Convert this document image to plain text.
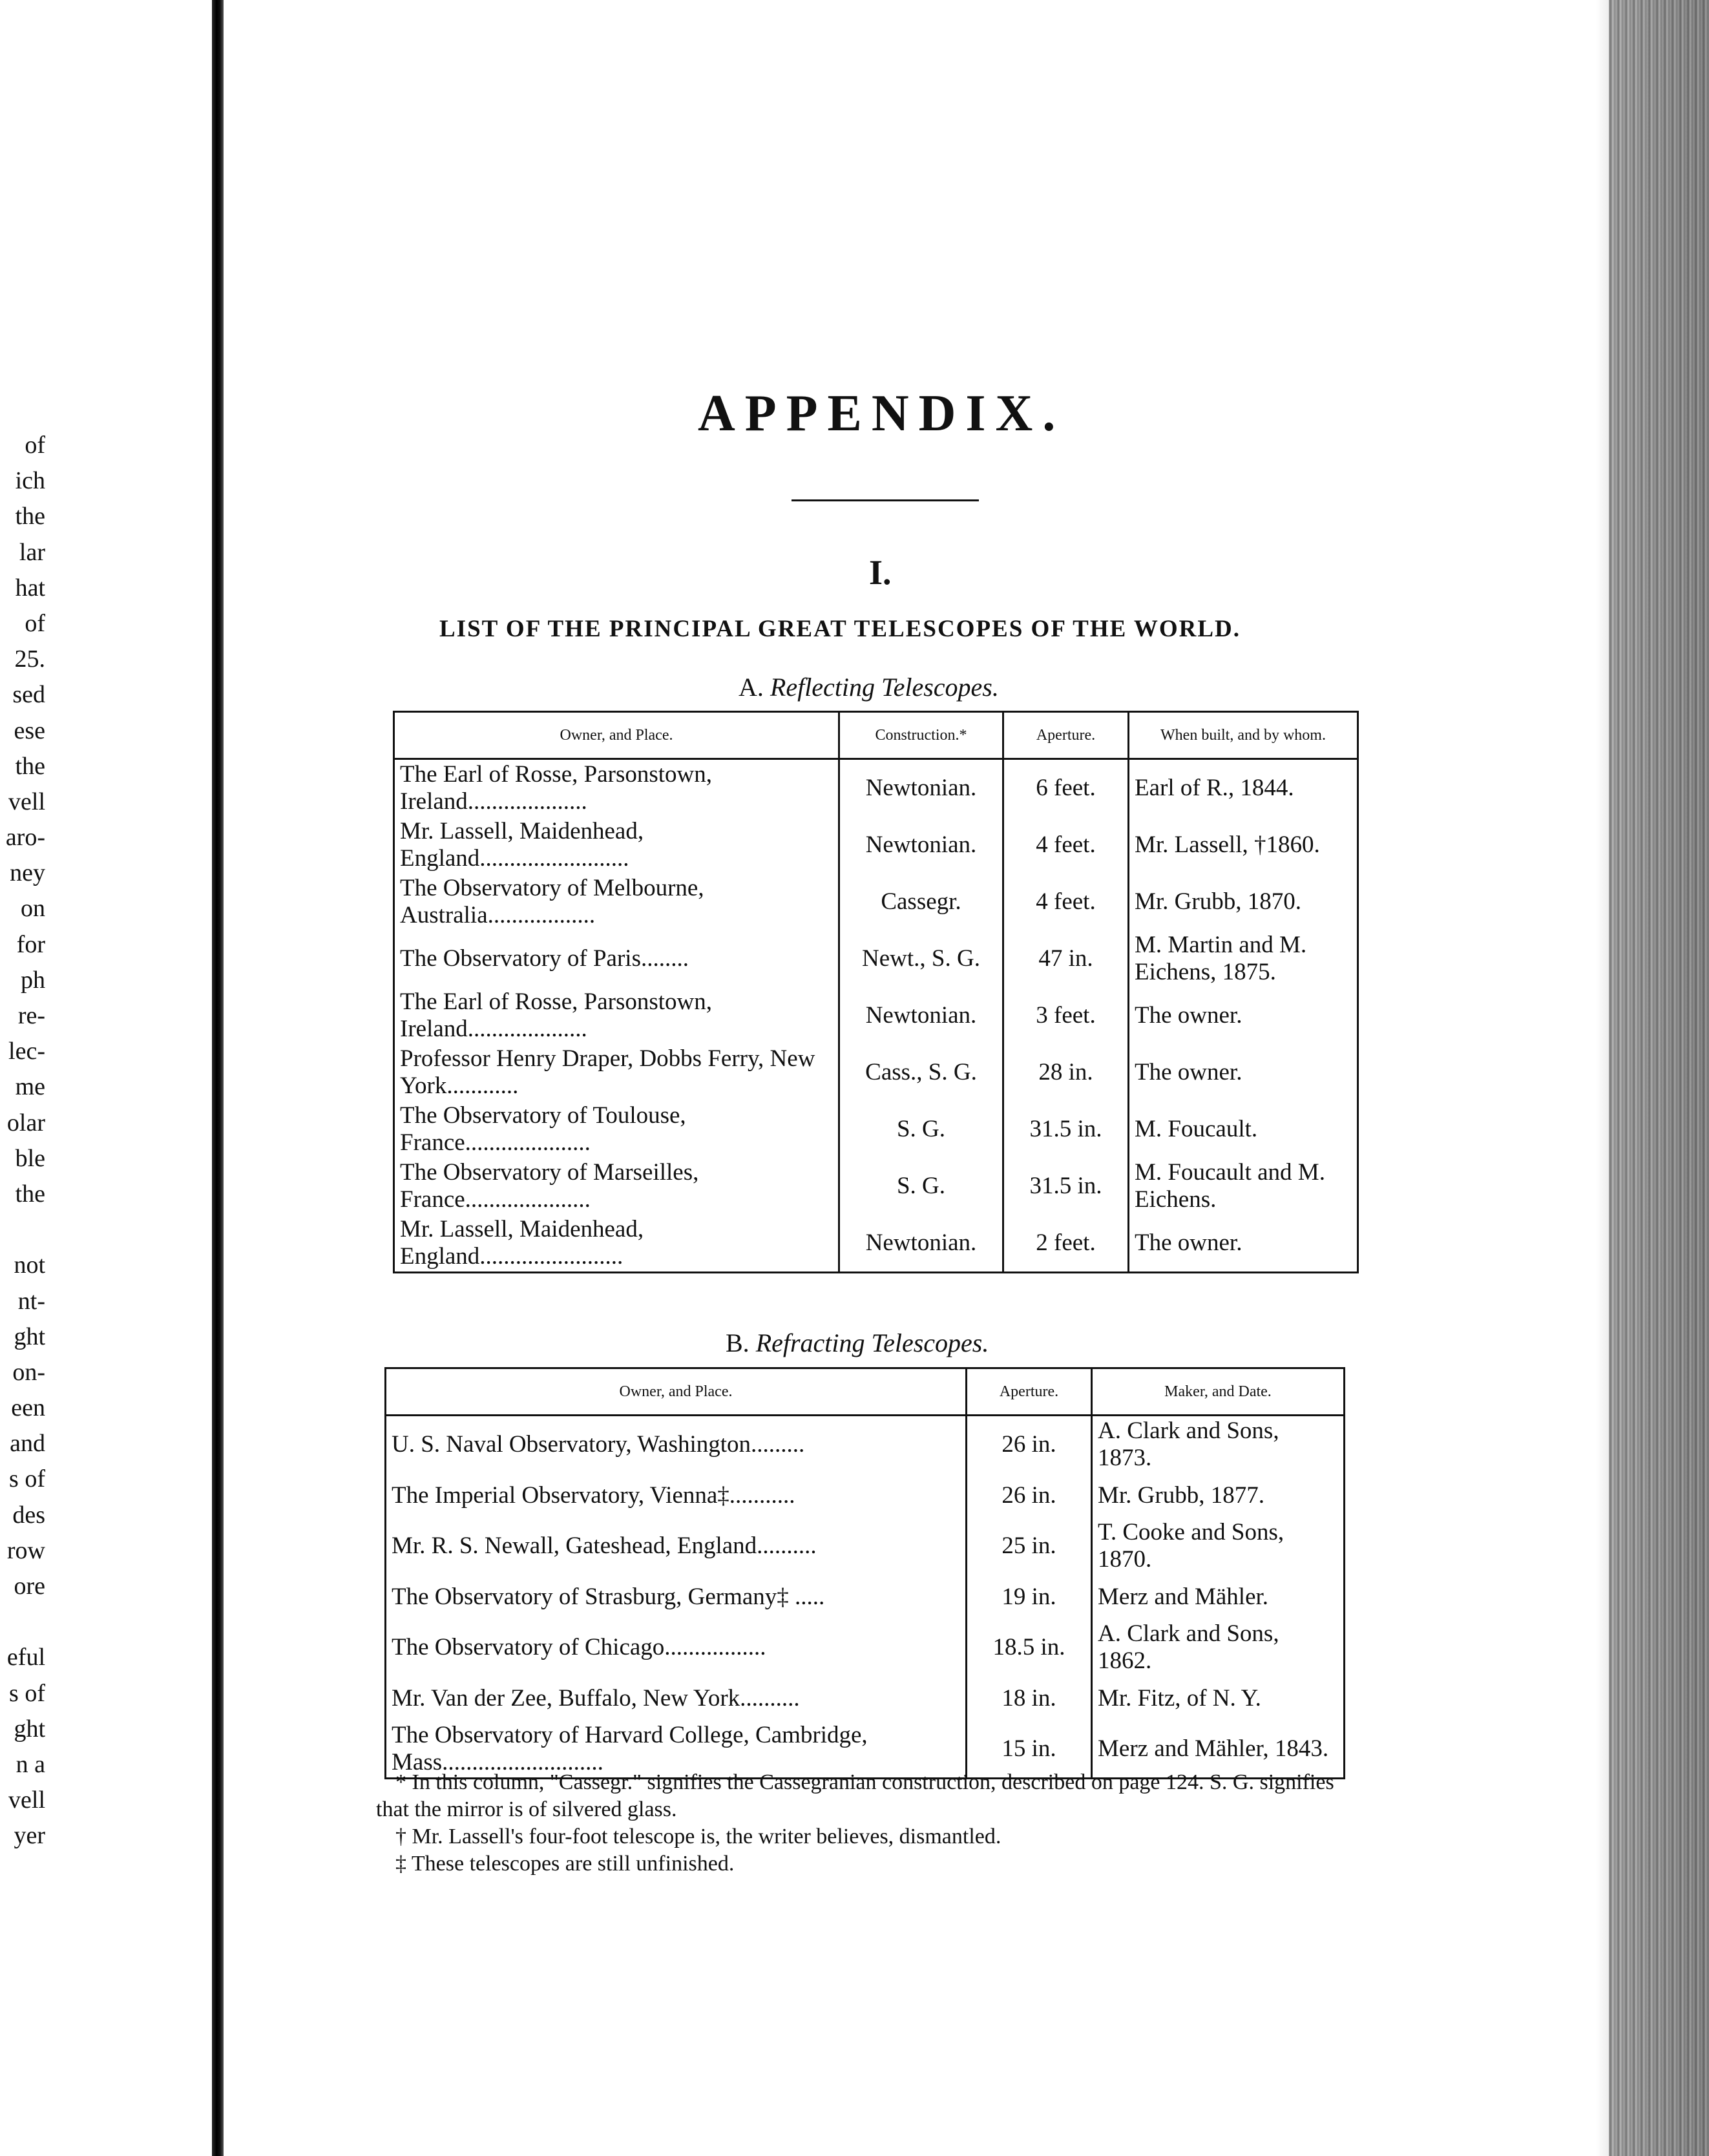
of
ich
the
lar
hat
of
25.
sed
ese
the
vell
aro-
ney
on
for
ph
re-
lec-
me
olar
ble
the
not
nt-
ght
on-
een
and
s of
des
row
ore
eful
s of
ght
n a
vell
yer
APPENDIX.
I.
LIST OF THE PRINCIPAL GREAT TELESCOPES OF THE WORLD.
A. Reflecting Telescopes.
Owner, and Place.	Construction.*	Aperture.	When built, and by whom.
The Earl of Rosse, Parsonstown, Ireland....................	Newtonian.	6 feet.	Earl of R., 1844.
Mr. Lassell, Maidenhead, England.........................	Newtonian.	4 feet.	Mr. Lassell, †1860.
The Observatory of Melbourne, Australia..................	Cassegr.	4 feet.	Mr. Grubb, 1870.
The Observatory of Paris........	Newt., S. G.	47 in.	M. Martin and M. Eichens, 1875.
The Earl of Rosse, Parsonstown, Ireland....................	Newtonian.	3 feet.	The owner.
Professor Henry Draper, Dobbs Ferry, New York............	Cass., S. G.	28 in.	The owner.
The Observatory of Toulouse, France.....................	S. G.	31.5 in.	M. Foucault.
The Observatory of Marseilles, France.....................	S. G.	31.5 in.	M. Foucault and M. Eichens.
Mr. Lassell, Maidenhead, England........................	Newtonian.	2 feet.	The owner.
B. Refracting Telescopes.
Owner, and Place.	Aperture.	Maker, and Date.
U. S. Naval Observatory, Washington.........	26 in.	A. Clark and Sons, 1873.
The Imperial Observatory, Vienna‡...........	26 in.	Mr. Grubb, 1877.
Mr. R. S. Newall, Gateshead, England..........	25 in.	T. Cooke and Sons, 1870.
The Observatory of Strasburg, Germany‡ .....	19 in.	Merz and Mähler.
The Observatory of Chicago.................	18.5 in.	A. Clark and Sons, 1862.
Mr. Van der Zee, Buffalo, New York..........	18 in.	Mr. Fitz, of N. Y.
The Observatory of Harvard College, Cambridge, Mass...........................	15 in.	Merz and Mähler, 1843.

* In this column, "Cassegr." signifies the Cassegranian construction, described on page 124. S. G. signifies that the mirror is of silvered glass.

† Mr. Lassell's four-foot telescope is, the writer believes, dismantled.

‡ These telescopes are still unfinished.
